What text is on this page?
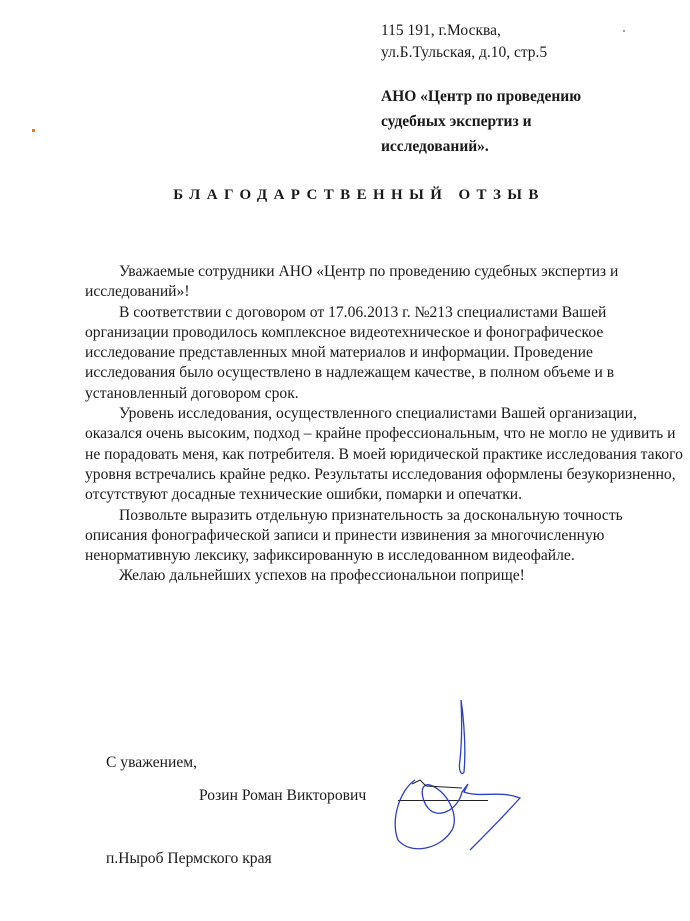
115 191, г.Москва,
ул.Б.Тульская, д.10, стр.5
АНО «Центр по проведению
судебных экспертиз и
исследований».
БЛАГОДАРСТВЕННЫЙ ОТЗЫВ

Уважаемые сотрудники АНО «Центр по проведению судебных экспертиз и исследований»!

В соответствии с договором от 17.06.2013 г. №213 специалистами Вашей организации проводилось комплексное видеотехническое и фонографическое исследование представленных мной материалов и информации. Проведение исследования было осуществлено в надлежащем качестве, в полном объеме и в установленный договором срок.

Уровень исследования, осуществленного специалистами Вашей организации, оказался очень высоким, подход – крайне профессиональным, что не могло не удивить и не порадовать меня, как потребителя. В моей юридической практике исследования такого уровня встречались крайне редко. Результаты исследования оформлены безукоризненно, отсутствуют досадные технические ошибки, помарки и опечатки.

Позвольте выразить отдельную признательность за доскональную точность описания фонографической записи и принести извинения за многочисленную ненормативную лексику, зафиксированную в исследованном видеофайле.

Желаю дальнейших успехов на профессиональнои поприще!

С уважением,
Розин Роман Викторович
п.Ныроб Пермского края
